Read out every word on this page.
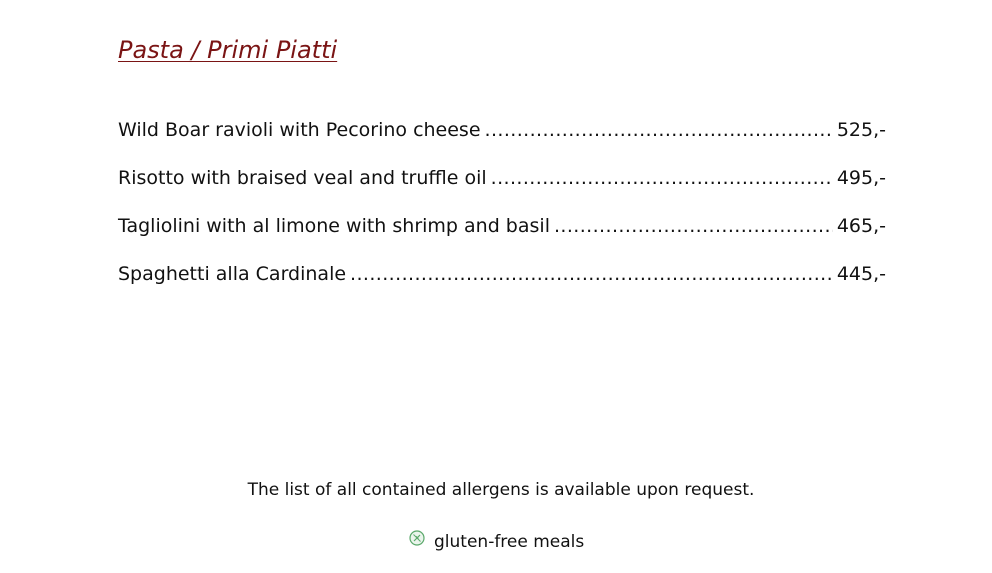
Pasta / Primi Piatti
Wild Boar ravioli with Pecorino cheese .....	525,-
Risotto with braised veal and truffle oil .....	495,-
Tagliolini with al limone with shrimp and basil .....	465,-
Spaghetti alla Cardinale .....	445,-

The list of all contained allergens is available upon request.

gluten-free meals
